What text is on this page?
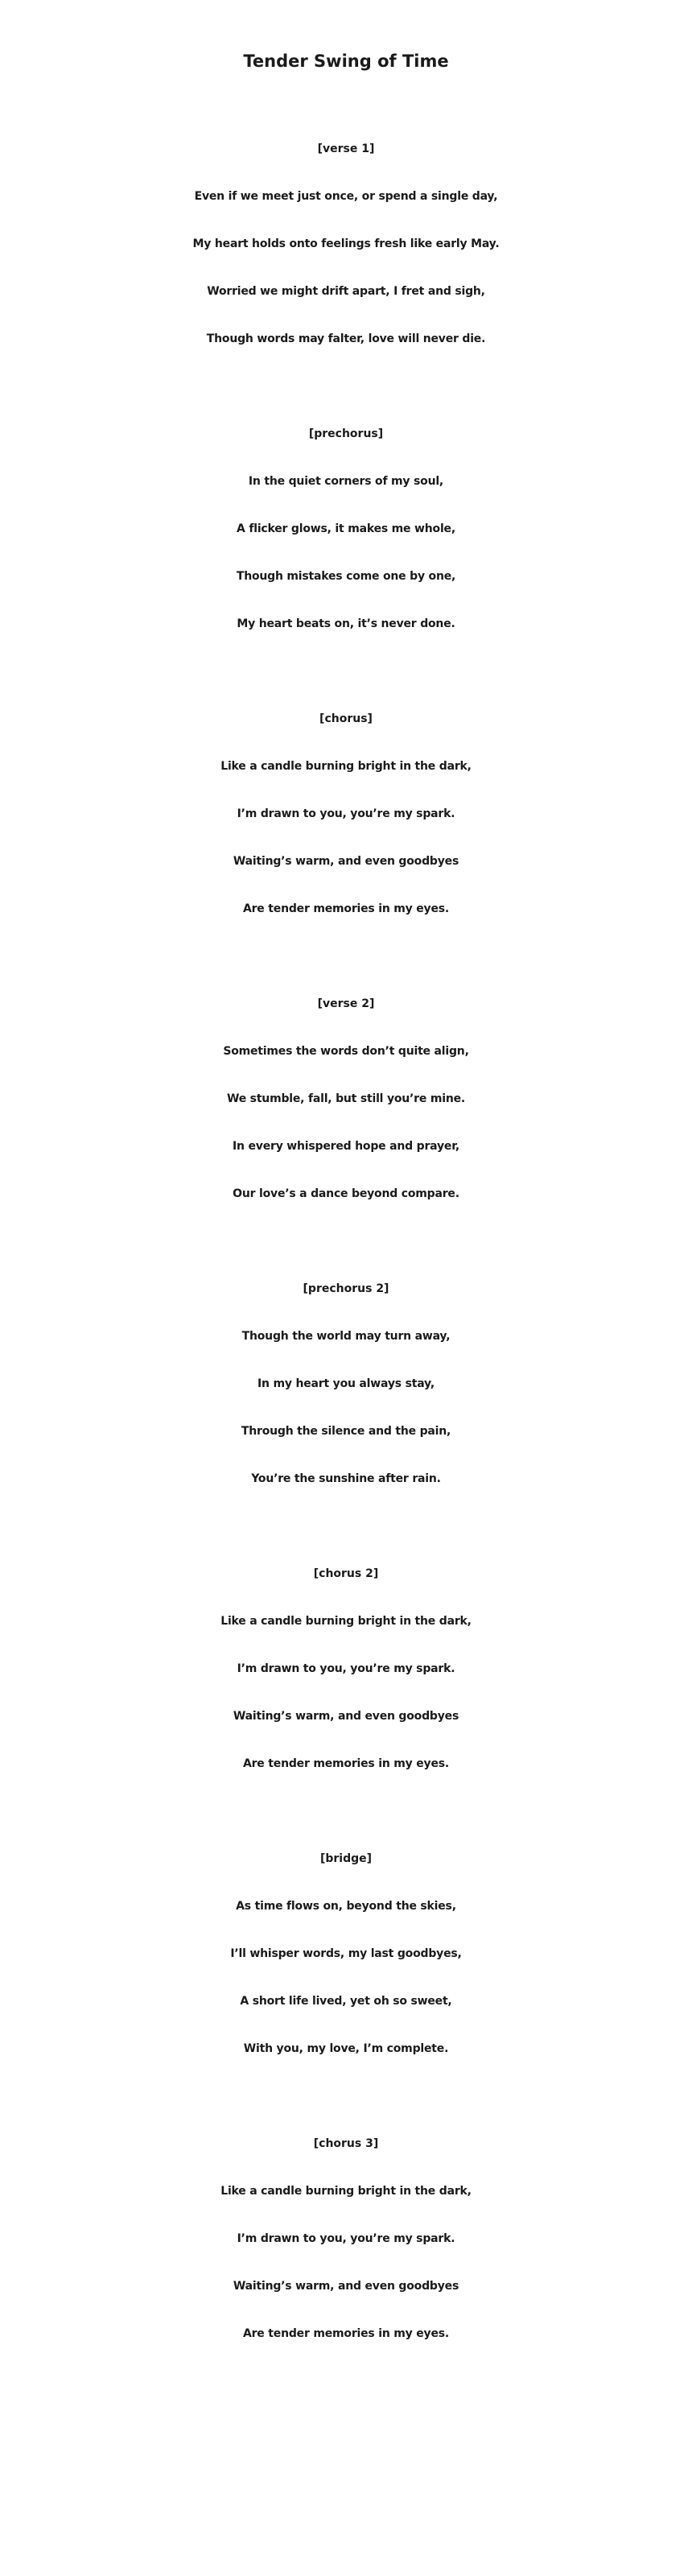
Tender Swing of Time
[verse 1]
Even if we meet just once, or spend a single day,
My heart holds onto feelings fresh like early May.
Worried we might drift apart, I fret and sigh,
Though words may falter, love will never die.
[prechorus]
In the quiet corners of my soul,
A flicker glows, it makes me whole,
Though mistakes come one by one,
My heart beats on, it’s never done.
[chorus]
Like a candle burning bright in the dark,
I’m drawn to you, you’re my spark.
Waiting’s warm, and even goodbyes
Are tender memories in my eyes.
[verse 2]
Sometimes the words don’t quite align,
We stumble, fall, but still you’re mine.
In every whispered hope and prayer,
Our love’s a dance beyond compare.
[prechorus 2]
Though the world may turn away,
In my heart you always stay,
Through the silence and the pain,
You’re the sunshine after rain.
[chorus 2]
Like a candle burning bright in the dark,
I’m drawn to you, you’re my spark.
Waiting’s warm, and even goodbyes
Are tender memories in my eyes.
[bridge]
As time flows on, beyond the skies,
I’ll whisper words, my last goodbyes,
A short life lived, yet oh so sweet,
With you, my love, I’m complete.
[chorus 3]
Like a candle burning bright in the dark,
I’m drawn to you, you’re my spark.
Waiting’s warm, and even goodbyes
Are tender memories in my eyes.
